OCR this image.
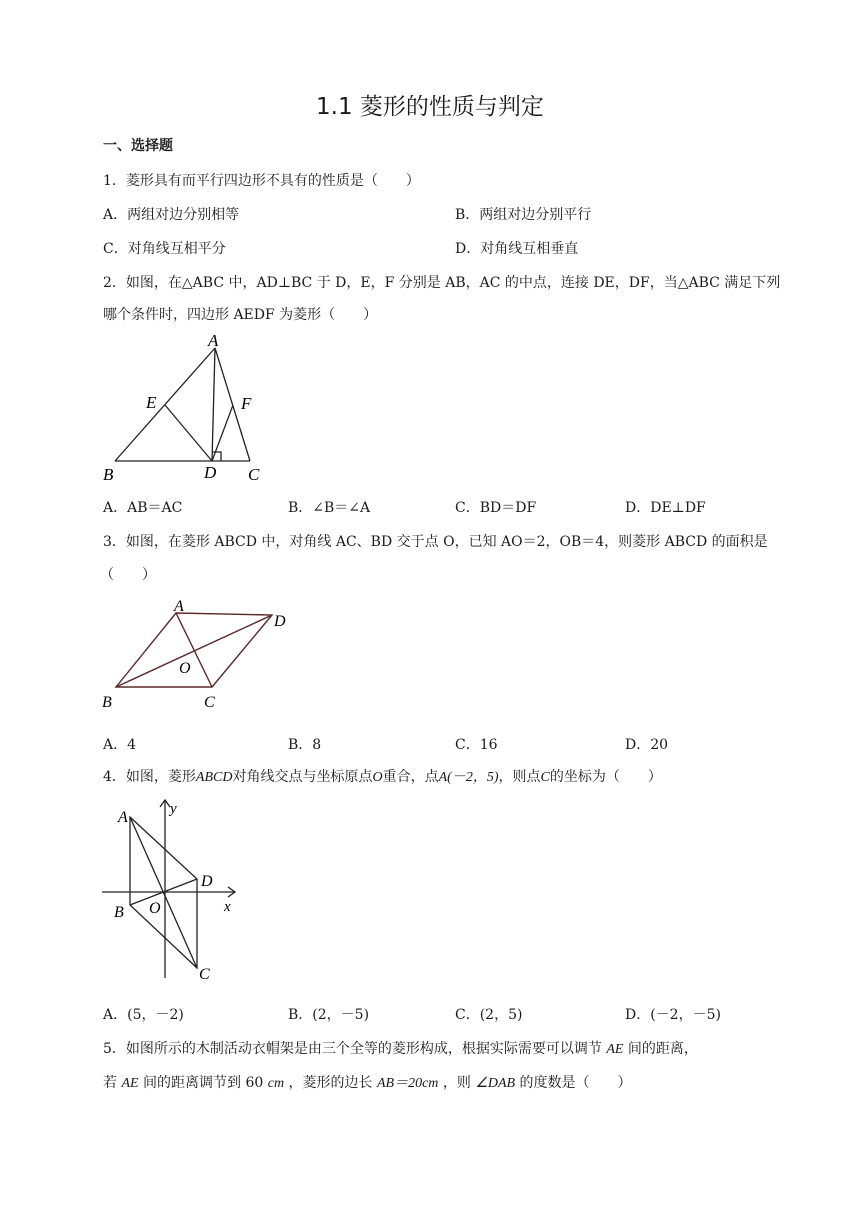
1.1 菱形的性质与判定
一、选择题
1．菱形具有而平行四边形不具有的性质是（　　）
A．两组对边分别相等	B．两组对边分别平行
C．对角线互相平分	D．对角线互相垂直
2．如图，在△ABC 中，AD⊥BC 于 D，E，F 分别是 AB，AC 的中点，连接 DE，DF，当△ABC 满足下列
哪个条件时，四边形 AEDF 为菱形（　　）
A
B	C
D
E	F
A．AB＝AC	B．∠B＝∠A	C．BD＝DF	D．DE⊥DF
3．如图，在菱形 ABCD 中，对角线 AC、BD 交于点 O，已知 AO＝2，OB＝4，则菱形 ABCD 的面积是
（　　）
A
B	C
D
O
A．4	B．8	C．16	D．20
4．如图，菱形ABCD对角线交点与坐标原点O重合，点A(－2，5)，则点C的坐标为（　　）
A
B
C
D
O	x
y
A．(5，－2)	B．(2，－5)	C．(2，5)	D．(－2，－5)
5．如图所示的木制活动衣帽架是由三个全等的菱形构成，根据实际需要可以调节 AE 间的距离，
若 AE 间的距离调节到 60 cm ，菱形的边长 AB＝20cm ，则 ∠DAB 的度数是（　　）
